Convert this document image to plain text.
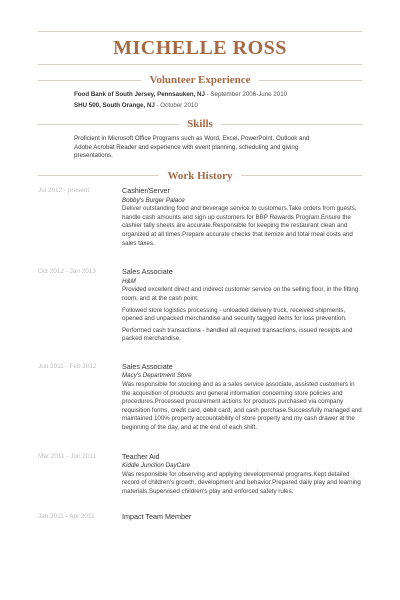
MICHELLE ROSS
Volunteer Experience

Food Bank of South Jersey, Pennsauken, NJ - September 2006-June 2010

SHU 500, South Orange, NJ - October 2010

Skills
Proficient in Microsoft Office Programs such as Word, Excel, PowerPoint, Outlook and Adobe Acrobat Reader and experience with event planning, scheduling and giving presentations.
Work History
Jul 2012 - present	Cashier/Server

Bobby's Burger Palace

Deliver outstanding food and beverage service to customers.Take orders from guests, handle cash amounts and sign up customers for BBP Rewards Program.Ensure the cashier tally sheets are accurate.Responsible for keeping the restaurant clean and organized at all times.Prepare accurate checks that itemize and total meal costs and sales taxes.

Oct 2012 - Jan 2013	Sales Associate

H&M

Provided excellent direct and indirect customer service on the selling floor, in the fitting room, and at the cash point.

Followed store logistics processing - unloaded delivery truck, received shipments, opened and unpacked merchandise and security tagged items for loss prevention.

Performed cash transactions - handled all required transactions, issued receipts and packed merchandise.

Jun 2011 - Feb 2012	Sales Associate

Macy's Department Store

Was responsible for stocking and as a sales service associate, assisted customers in the acquisition of products and general information concerning store policies and procedures.Processed procurement actions for products purchased via company requisition forms, credit card, debit card, and cash purchase.Successfully managed and maintained 100% property accountability of store property and my cash drawer at the beginning of the day, and at the end of each shift.

Mar 2011 - Jun 2011	Teacher Aid

Kiddie Junction DayCare

Was responsible for observing and applying developmental programs.Kept detailed record of children's growth, development and behavior.Prepared daily play and learning materials.Supervised children's play and enforced safety rules.

Jan 2011 - Apr 2011	Impact Team Member
